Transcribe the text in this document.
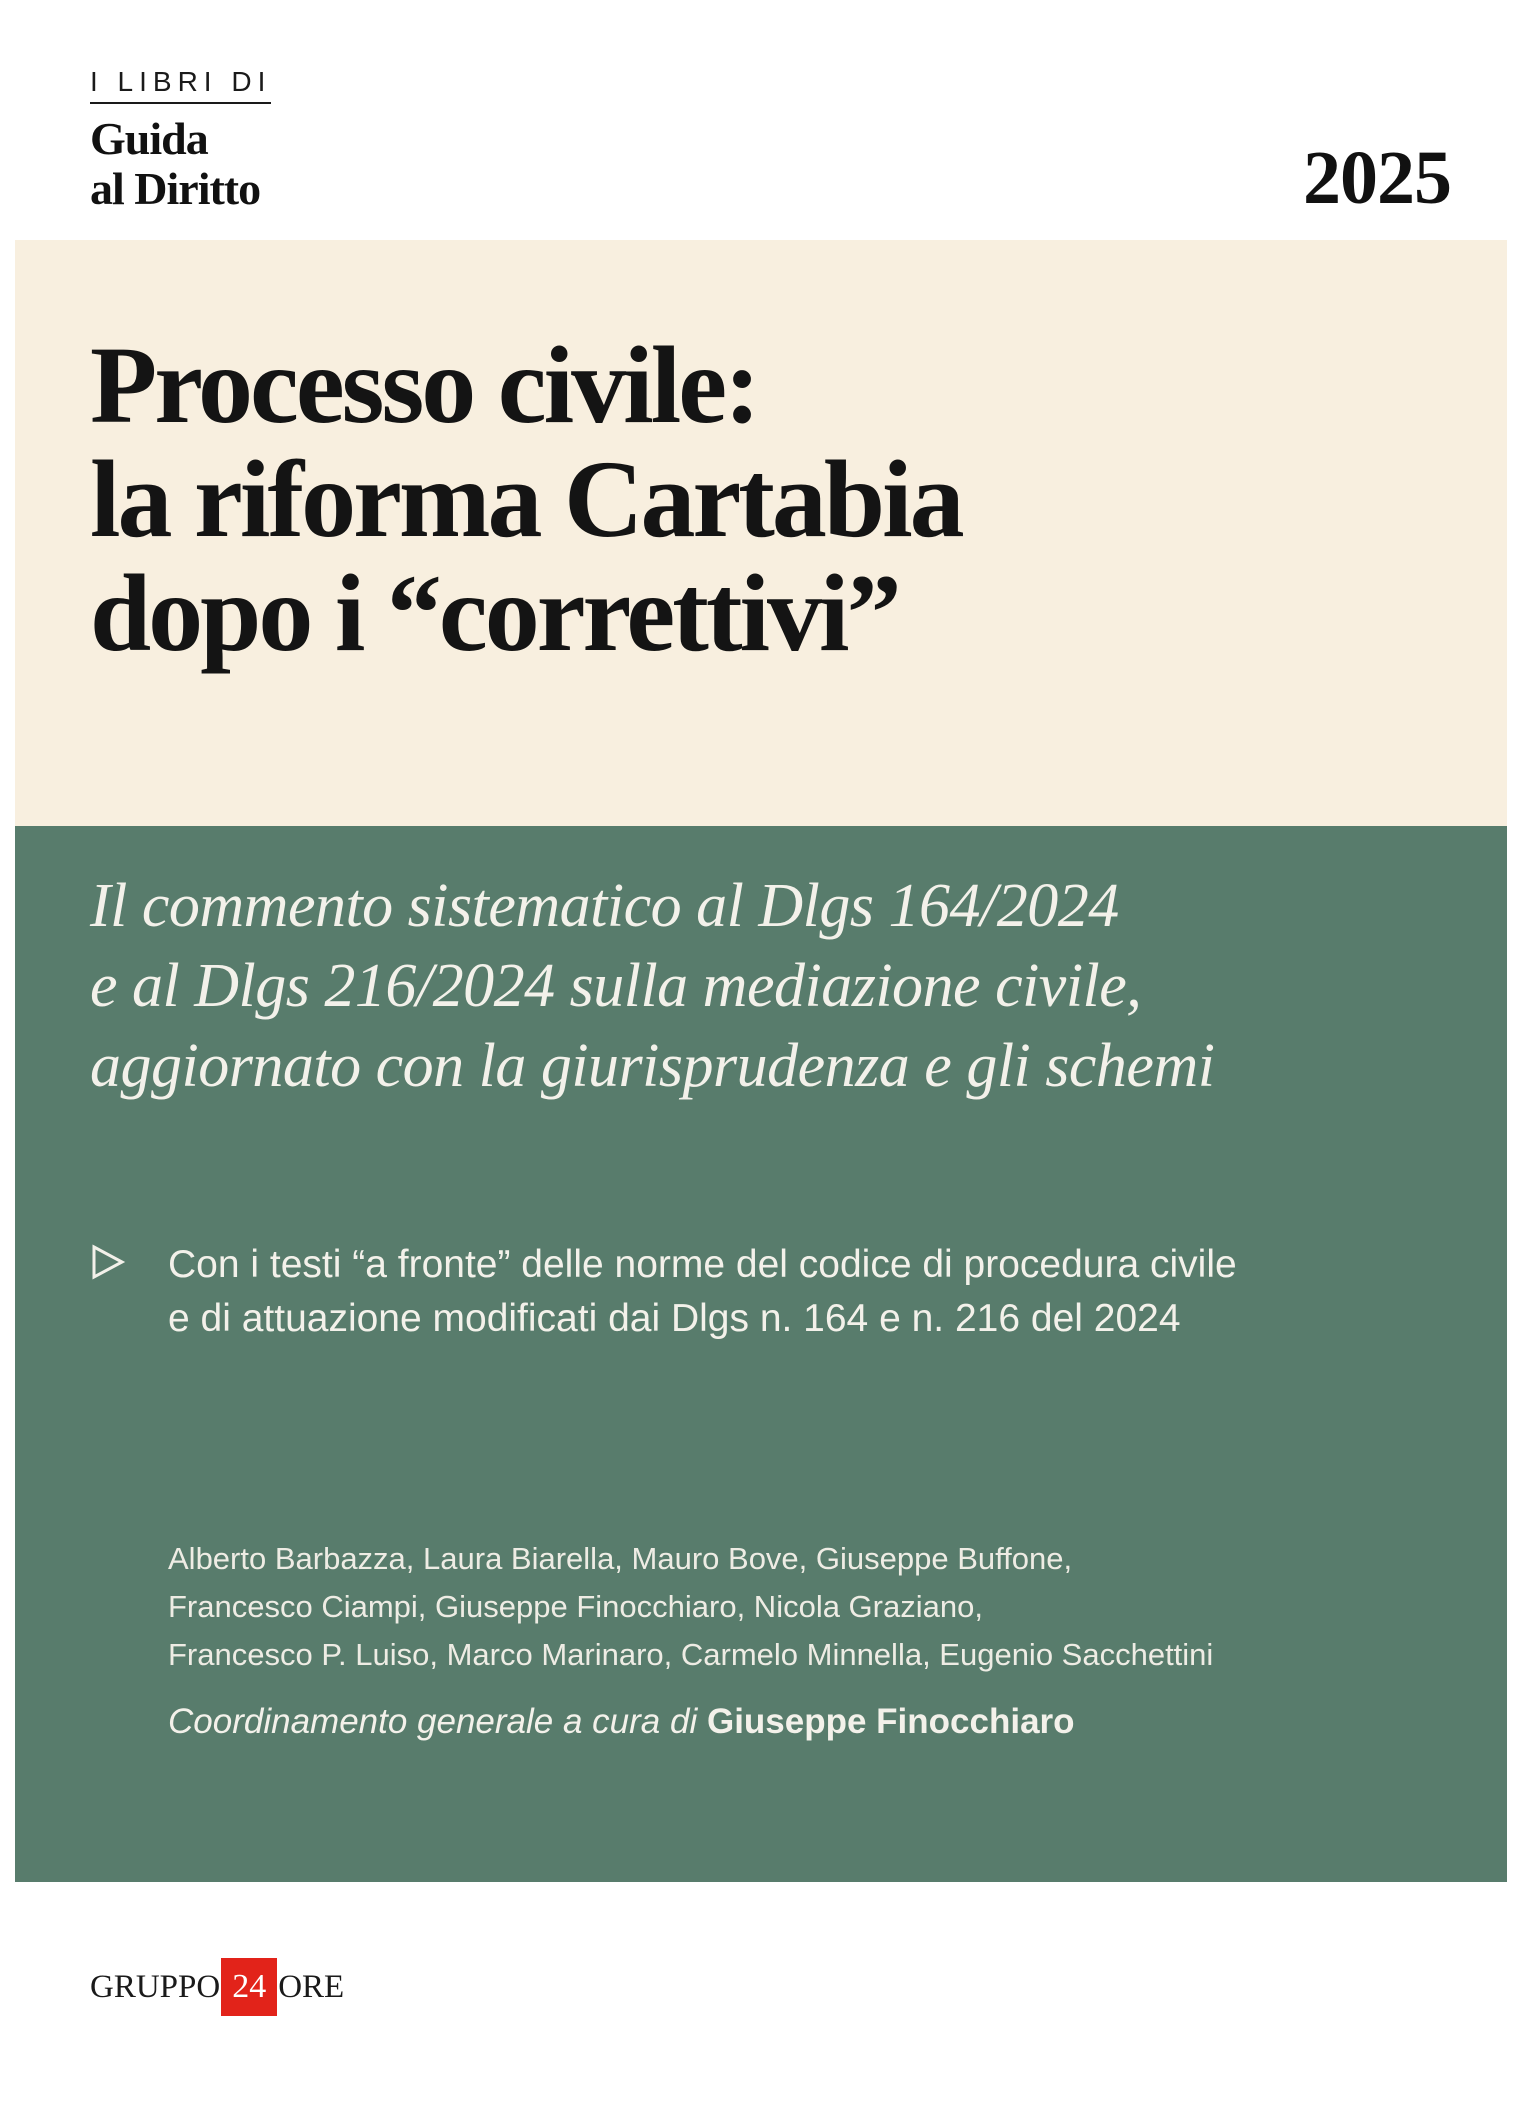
I LIBRI DI
Guida
al Diritto	2025
Processo civile:
la riforma Cartabia
dopo i “correttivi”

Il commento sistematico al Dlgs 164/2024
e al Dlgs 216/2024 sulla mediazione civile,
aggiornato con la giurisprudenza e gli schemi

Con i testi “a fronte” delle norme del codice di procedura civile
e di attuazione modificati dai Dlgs n. 164 e n. 216 del 2024
Alberto Barbazza, Laura Biarella, Mauro Bove, Giuseppe Buffone,
Francesco Ciampi, Giuseppe Finocchiaro, Nicola Graziano,
Francesco P. Luiso, Marco Marinaro, Carmelo Minnella, Eugenio Sacchettini
Coordinamento generale a cura di Giuseppe Finocchiaro
GRUPPO 24 ORE
